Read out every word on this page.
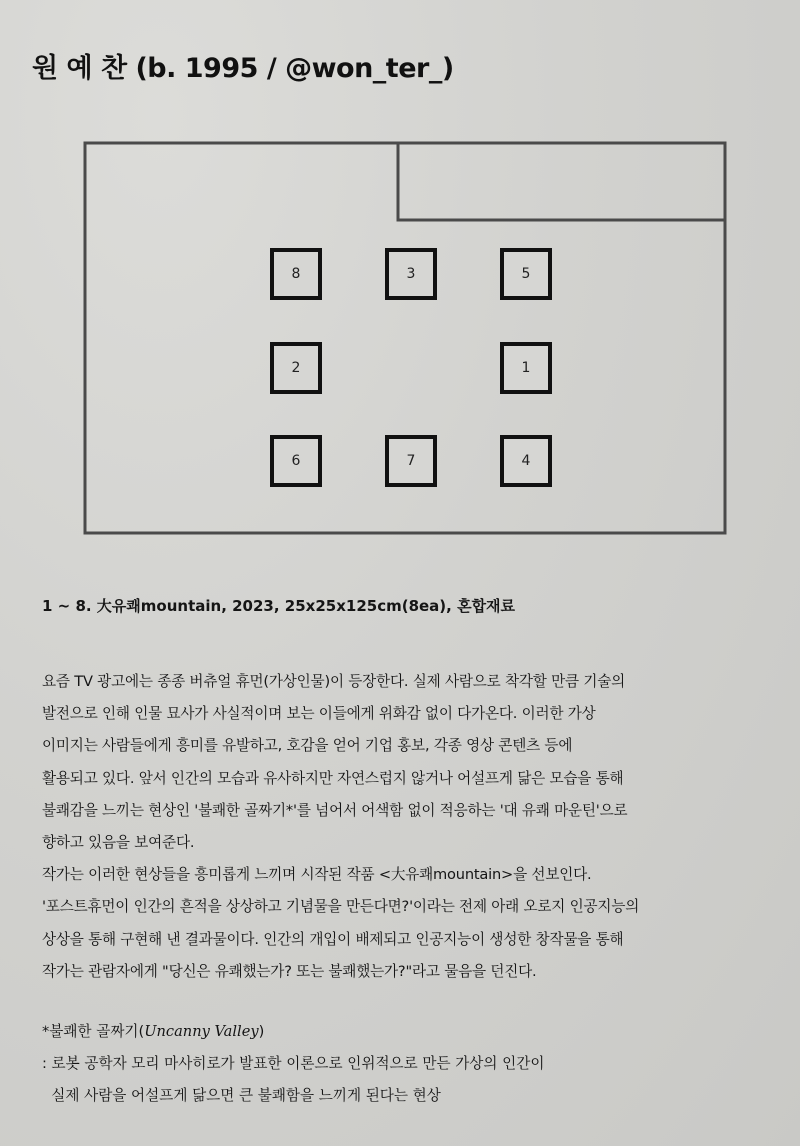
원 예 찬 (b. 1995 / @won_ter_)
8	3	5
2	1
6	7	4
1 ~ 8. 大유쾌mountain, 2023, 25x25x125cm(8ea), 혼합재료
요즘 TV 광고에는 종종 버츄얼 휴먼(가상인물)이 등장한다. 실제 사람으로 착각할 만큼 기술의
발전으로 인해 인물 묘사가 사실적이며 보는 이들에게 위화감 없이 다가온다. 이러한 가상
이미지는 사람들에게 흥미를 유발하고, 호감을 얻어 기업 홍보, 각종 영상 콘텐츠 등에
활용되고 있다. 앞서 인간의 모습과 유사하지만 자연스럽지 않거나 어설프게 닮은 모습을 통해
불쾌감을 느끼는 현상인 '불쾌한 골짜기*'를 넘어서 어색함 없이 적응하는 '대 유쾌 마운틴'으로
향하고 있음을 보여준다.
작가는 이러한 현상들을 흥미롭게 느끼며 시작된 작품 <大유쾌mountain>을 선보인다.
'포스트휴먼이 인간의 흔적을 상상하고 기념물을 만든다면?'이라는 전제 아래 오로지 인공지능의
상상을 통해 구현해 낸 결과물이다. 인간의 개입이 배제되고 인공지능이 생성한 창작물을 통해
작가는 관람자에게 "당신은 유쾌했는가? 또는 불쾌했는가?"라고 물음을 던진다.
*불쾌한 골짜기(Uncanny Valley)
: 로봇 공학자 모리 마사히로가 발표한 이론으로 인위적으로 만든 가상의 인간이
실제 사람을 어설프게 닮으면 큰 불쾌함을 느끼게 된다는 현상
